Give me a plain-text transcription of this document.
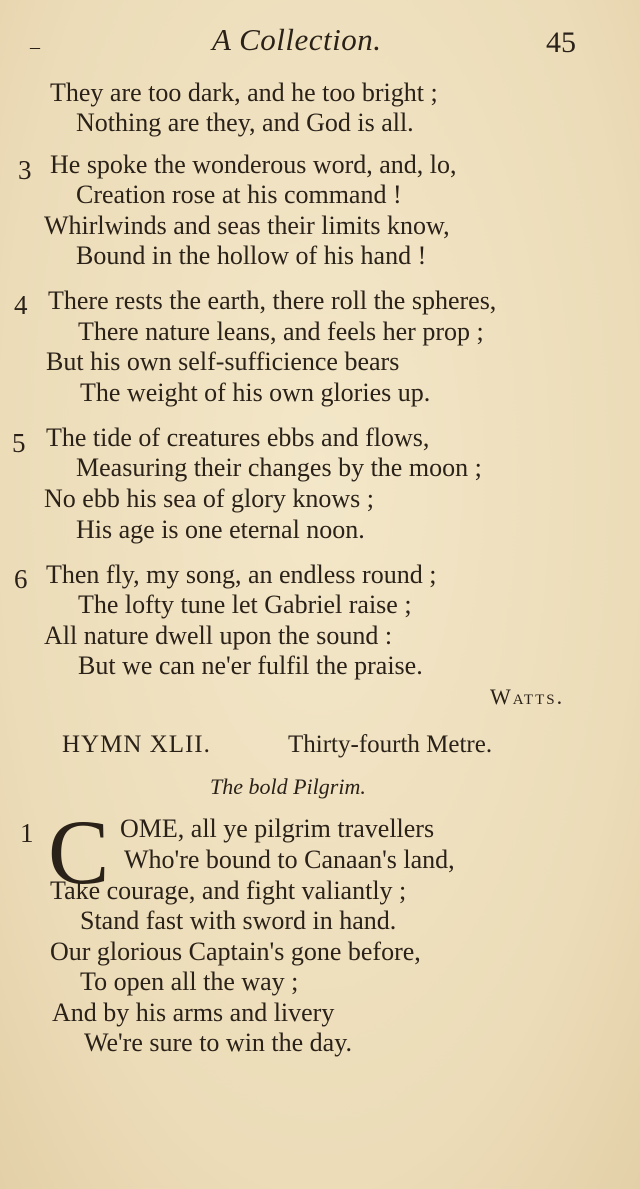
–	A Collection.	45
They are too dark, and he too bright ;
Nothing are they, and God is all.
3 He spoke the wonderous word, and, lo,
Creation rose at his command !
Whirlwinds and seas their limits know,
Bound in the hollow of his hand !
4 There rests the earth, there roll the spheres,
There nature leans, and feels her prop ;
But his own self-sufficience bears
The weight of his own glories up.
5 The tide of creatures ebbs and flows,
Measuring their changes by the moon ;
No ebb his sea of glory knows ;
His age is one eternal noon.
6 Then fly, my song, an endless round ;
The lofty tune let Gabriel raise ;
All nature dwell upon the sound :
But we can ne'er fulfil the praise.
Watts.
HYMN XLII.	Thirty-fourth Metre.
The bold Pilgrim.
1 C OME, all ye pilgrim travellers
Who're bound to Canaan's land,
Take courage, and fight valiantly ;
Stand fast with sword in hand.
Our glorious Captain's gone before,
To open all the way ;
And by his arms and livery
We're sure to win the day.
